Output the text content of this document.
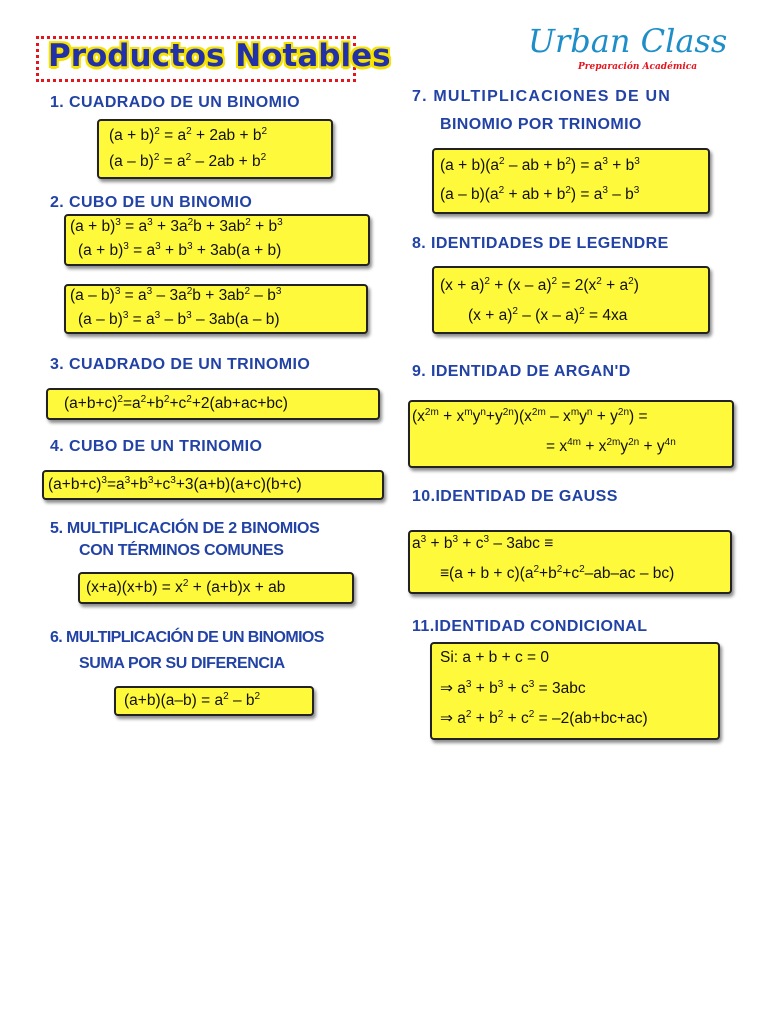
Productos Notables	Urban Class
Preparación Académica
1. CUADRADO DE UN BINOMIO
$(a + b)^2 = a^2 + 2ab + b^2$
$(a - b)^2 = a^2 - 2ab + b^2$
2. CUBO DE UN BINOMIO
$(a + b)^3 = a^3 + 3a^2b + 3ab^2 + b^3$
$(a + b)^3 = a^3 + b^3 + 3ab(a + b)$
$(a - b)^3 = a^3 - 3a^2b + 3ab^2 - b^3$
$(a - b)^3 = a^3 - b^3 - 3ab(a - b)$
3. CUADRADO DE UN TRINOMIO
$(a+b+c)^2=a^2+b^2+c^2+2(ab+ac+bc)$
4. CUBO DE UN TRINOMIO
$(a+b+c)^3=a^3+b^3+c^3+3(a+b)(a+c)(b+c)$
5. MULTIPLICACIÓN DE 2 BINOMIOS
CON TÉRMINOS COMUNES
$(x+a)(x+b) = x^2 + (a+b)x$ + ab
6. MULTIPLICACIÓN DE UN BINOMIOS
SUMA POR SU DIFERENCIA
$(a+b)(a-b) = a^2 - b^2$
7. MULTIPLICACIONES DE UN
BINOMIO POR TRINOMIO
$(a + b)(a^2$ – ab + $b^2) = a^3 + b^3$
$(a - b)(a^2$ + ab + $b^2) = a^3 - b^3$
8. IDENTIDADES DE LEGENDRE
$(x + a)^2 + (x - a)^2 = 2(x^2 + a^2)$
$(x + a)^2 - (x - a)^2 = 4xa$
9. IDENTIDAD DE ARGAN'D
$(x^{2m} + x^my^n+y^{2n})(x^{2m} - x^my^n + y^{2n})$ =
= $x^{4m} + x^{2m}y^{2n} + y^{4n}$
10.IDENTIDAD DE GAUSS
$a^3 + b^3 + c^3 - 3abc$ ≡
$\equiv(a + b + c)(a^2+b^2+c^2-ab-ac - bc)$
11.IDENTIDAD CONDICIONAL
Si: a + b + c = 0
⇒ $a^3 + b^3 + c^3 = 3abc$
⇒ $a^2 + b^2 + c^2 = -2(ab+bc+ac)$
